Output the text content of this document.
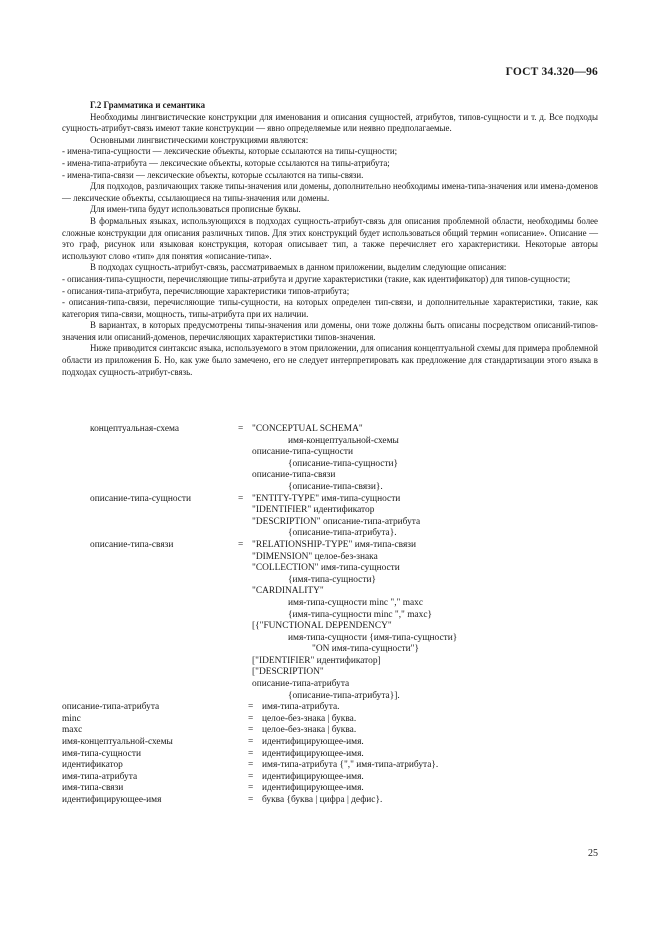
ГОСТ 34.320—96
Г.2 Грамматика и семантика

Необходимы лингвистические конструкции для именования и описания сущностей, атрибутов, типов-сущности и т. д. Все подходы сущность-атрибут-связь имеют такие конструкции — явно определяемые или неявно предполагаемые.

Основными лингвистическими конструкциями являются:

- имена-типа-сущности — лексические объекты, которые ссылаются на типы-сущности;

- имена-типа-атрибута — лексические объекты, которые ссылаются на типы-атрибута;

- имена-типа-связи — лексические объекты, которые ссылаются на типы-связи.

Для подходов, различающих также типы-значения или домены, дополнительно необходимы имена-типа-значения или имена-доменов — лексические объекты, ссылающиеся на типы-значения или домены.

Для имен-типа будут использоваться прописные буквы.

В формальных языках, использующихся в подходах сущность-атрибут-связь для описания проблемной области, необходимы более сложные конструкции для описания различных типов. Для этих конструкций будет использоваться общий термин «описание». Описание — это граф, рисунок или языковая конструкция, которая описывает тип, а также перечисляет его характеристики. Некоторые авторы используют слово «тип» для понятия «описание-типа».

В подходах сущность-атрибут-связь, рассматриваемых в данном приложении, выделим следующие описания:

- описания-типа-сущности, перечисляющие типы-атрибута и другие характеристики (такие, как идентификатор) для типов-сущности;

- описания-типа-атрибута, перечисляющие характеристики типов-атрибута;

- описания-типа-связи, перечисляющие типы-сущности, на которых определен тип-связи, и дополнительные характеристики, такие, как категория типа-связи, мощность, типы-атрибута при их наличии.

В вариантах, в которых предусмотрены типы-значения или домены, они тоже должны быть описаны посредством описаний-типов-значения или описаний-доменов, перечисляющих характеристики типов-значения.

Ниже приводится синтаксис языка, используемого в этом приложении, для описания концептуальной схемы для примера проблемной области из приложения Б. Но, как уже было замечено, его не следует интерпретировать как предложение для стандартизации этого языка в подходах сущность-атрибут-связь.

концептуальная-схема	= "CONCEPTUAL SCHEMA"
имя-концептуальной-схемы
описание-типа-сущности
{описание-типа-сущности}
описание-типа-связи
{описание-типа-связи}.
описание-типа-сущности	= "ENTITY-TYPE" имя-типа-сущности
"IDENTIFIER" идентификатор
"DESCRIPTION" описание-типа-атрибута
{описание-типа-атрибута}.
описание-типа-связи	= "RELATIONSHIP-TYPE" имя-типа-связи
"DIMENSION" целое-без-знака
"COLLECTION" имя-типа-сущности
{имя-типа-сущности}
"CARDINALITY"
имя-типа-сущности minc "," maxc
{имя-типа-сущности minc "," maxc}
[{"FUNCTIONAL DEPENDENCY"
имя-типа-сущности {имя-типа-сущности}
"ON имя-типа-сущности"}
["IDENTIFIER" идентификатор]
["DESCRIPTION"
описание-типа-атрибута
{описание-типа-атрибута}].
описание-типа-атрибута	= имя-типа-атрибута.
minc	= целое-без-знака | буква.
maxc	= целое-без-знака | буква.
имя-концептуальной-схемы	= идентифицирующее-имя.
имя-типа-сущности	= идентифицирующее-имя.
идентификатор	= имя-типа-атрибута {"," имя-типа-атрибута}.
имя-типа-атрибута	= идентифицирующее-имя.
имя-типа-связи	= идентифицирующее-имя.
идентифицирующее-имя	= буква {буква | цифра | дефис}.
25
